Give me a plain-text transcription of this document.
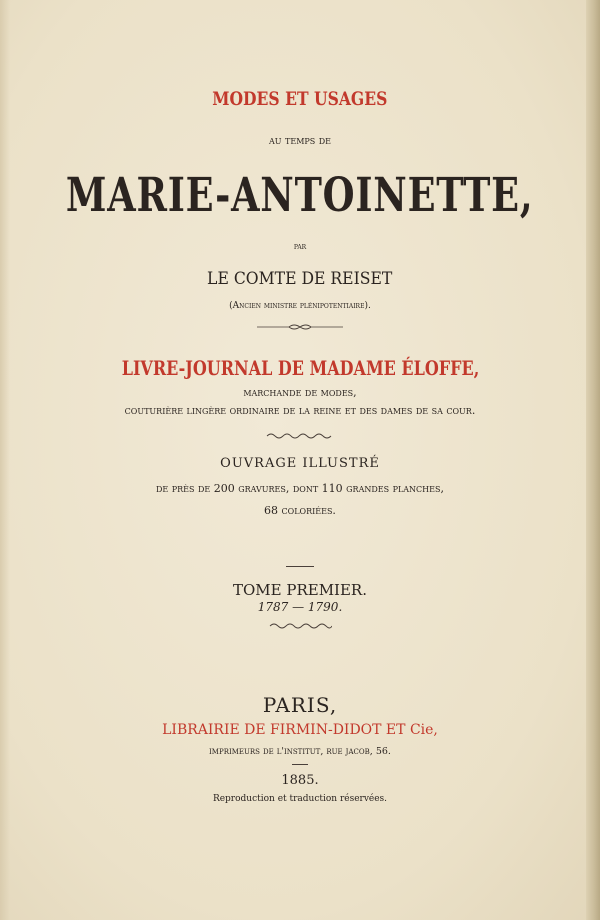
MODES ET USAGES
au temps de
MARIE-ANTOINETTE,
par
LE COMTE DE REISET
(Ancien ministre plénipotentiaire).
LIVRE-JOURNAL DE MADAME ÉLOFFE,
marchande de modes,
couturière lingère ordinaire de la reine et des dames de sa cour.
OUVRAGE ILLUSTRÉ
de près de 200 gravures, dont 110 grandes planches,
68 coloriées.
TOME PREMIER.
1787 — 1790.
PARIS,
LIBRAIRIE DE FIRMIN-DIDOT ET Cie,
imprimeurs de l'institut, rue jacob, 56.
1885.
Reproduction et traduction réservées.
